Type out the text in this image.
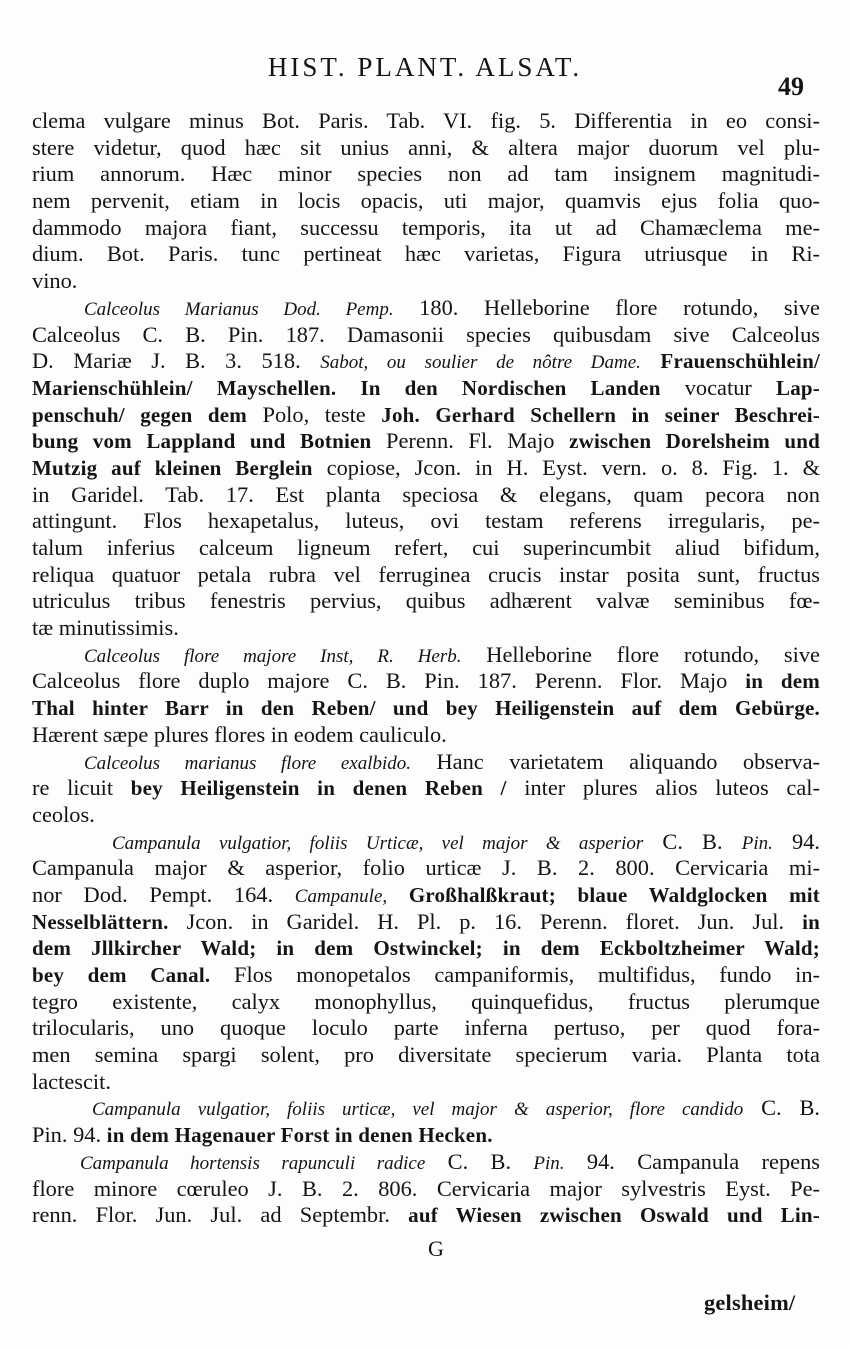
HIST. PLANT. ALSAT.
49
clema vulgare minus Bot. Paris. Tab. VI. fig. 5. Differentia in eo consi-
stere videtur, quod hæc sit unius anni, & altera major duorum vel plu-
rium annorum. Hæc minor species non ad tam insignem magnitudi-
nem pervenit, etiam in locis opacis, uti major, quamvis ejus folia quo-
dammodo majora fiant, successu temporis, ita ut ad Chamæclema me-
dium. Bot. Paris. tunc pertineat hæc varietas, Figura utriusque in Ri-
vino.
Calceolus Marianus Dod. Pemp. 180. Helleborine flore rotundo, sive
Calceolus C. B. Pin. 187. Damasonii species quibusdam sive Calceolus
D. Mariæ J. B. 3. 518. Sabot, ou soulier de nôtre Dame. Frauenschühlein/
Marienschühlein/ Mayschellen. In den Nordischen Landen vocatur Lap-
penschuh/ gegen dem Polo, teste Joh. Gerhard Schellern in seiner Beschrei-
bung vom Lappland und Botnien Perenn. Fl. Majo zwischen Dorelsheim und
Mutzig auf kleinen Berglein copiose, Jcon. in H. Eyst. vern. o. 8. Fig. 1. &
in Garidel. Tab. 17. Est planta speciosa & elegans, quam pecora non
attingunt. Flos hexapetalus, luteus, ovi testam referens irregularis, pe-
talum inferius calceum ligneum refert, cui superincumbit aliud bifidum,
reliqua quatuor petala rubra vel ferruginea crucis instar posita sunt, fructus
utriculus tribus fenestris pervius, quibus adhærent valvæ seminibus fœ-
tæ minutissimis.
Calceolus flore majore Inst, R. Herb. Helleborine flore rotundo, sive
Calceolus flore duplo majore C. B. Pin. 187. Perenn. Flor. Majo in dem
Thal hinter Barr in den Reben/ und bey Heiligenstein auf dem Gebürge.
Hærent sæpe plures flores in eodem cauliculo.
Calceolus marianus flore exalbido. Hanc varietatem aliquando observa-
re licuit bey Heiligenstein in denen Reben / inter plures alios luteos cal-
ceolos.
Campanula vulgatior, foliis Urticæ, vel major & asperior C. B. Pin. 94.
Campanula major & asperior, folio urticæ J. B. 2. 800. Cervicaria mi-
nor Dod. Pempt. 164. Campanule, Großhalßkraut; blaue Waldglocken mit
Nesselblättern. Jcon. in Garidel. H. Pl. p. 16. Perenn. floret. Jun. Jul. in
dem Jllkircher Wald; in dem Ostwinckel; in dem Eckboltzheimer Wald;
bey dem Canal. Flos monopetalos campaniformis, multifidus, fundo in-
tegro existente, calyx monophyllus, quinquefidus, fructus plerumque
trilocularis, uno quoque loculo parte inferna pertuso, per quod fora-
men semina spargi solent, pro diversitate specierum varia. Planta tota
lactescit.
Campanula vulgatior, foliis urticæ, vel major & asperior, flore candido C. B.
Pin. 94. in dem Hagenauer Forst in denen Hecken.
Campanula hortensis rapunculi radice C. B. Pin. 94. Campanula repens
flore minore cœruleo J. B. 2. 806. Cervicaria major sylvestris Eyst. Pe-
renn. Flor. Jun. Jul. ad Septembr. auf Wiesen zwischen Oswald und Lin-
G
gelsheim/
